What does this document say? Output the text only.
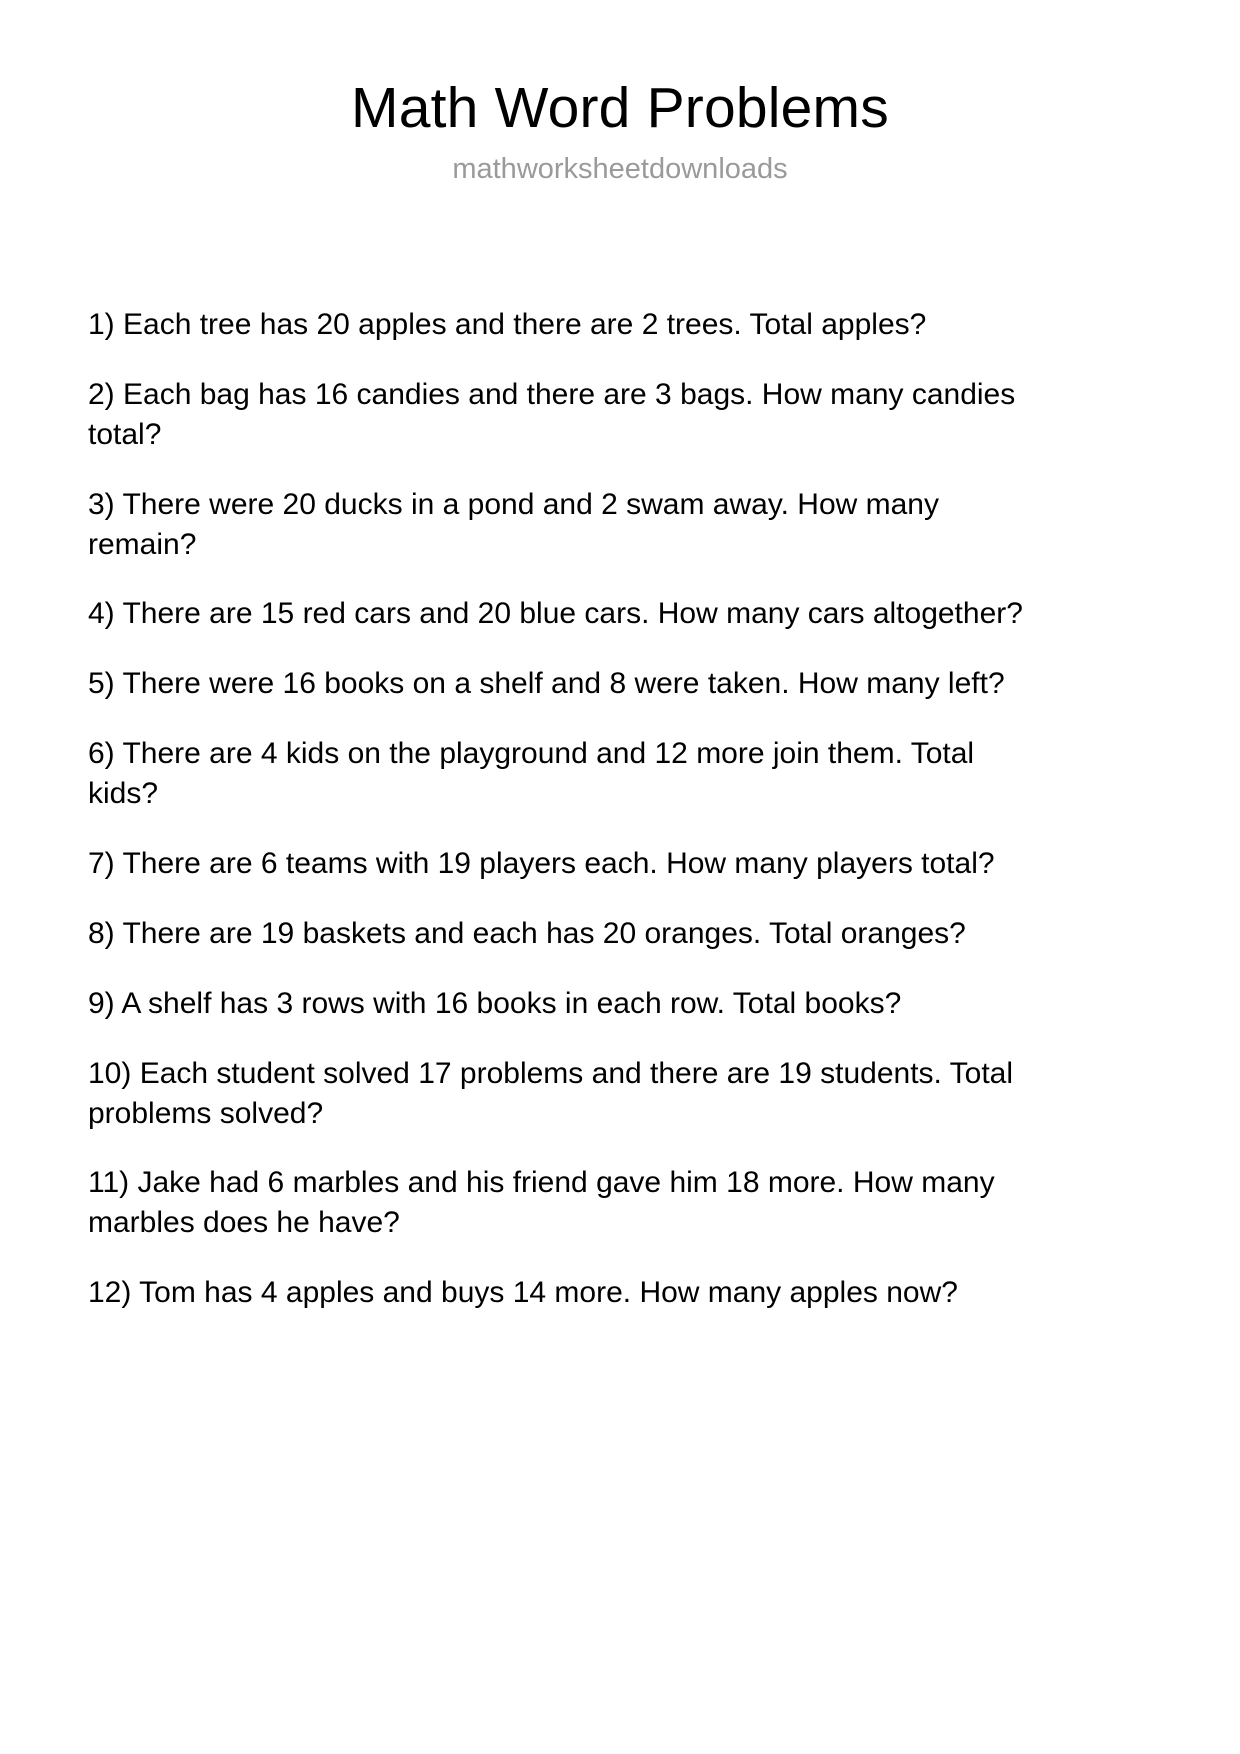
Math Word Problems
mathworksheetdownloads
1) Each tree has 20 apples and there are 2 trees. Total apples?
2) Each bag has 16 candies and there are 3 bags. How many candies total?
3) There were 20 ducks in a pond and 2 swam away. How many remain?
4) There are 15 red cars and 20 blue cars. How many cars altogether?
5) There were 16 books on a shelf and 8 were taken. How many left?
6) There are 4 kids on the playground and 12 more join them. Total kids?
7) There are 6 teams with 19 players each. How many players total?
8) There are 19 baskets and each has 20 oranges. Total oranges?
9) A shelf has 3 rows with 16 books in each row. Total books?
10) Each student solved 17 problems and there are 19 students. Total problems solved?
11) Jake had 6 marbles and his friend gave him 18 more. How many marbles does he have?
12) Tom has 4 apples and buys 14 more. How many apples now?
